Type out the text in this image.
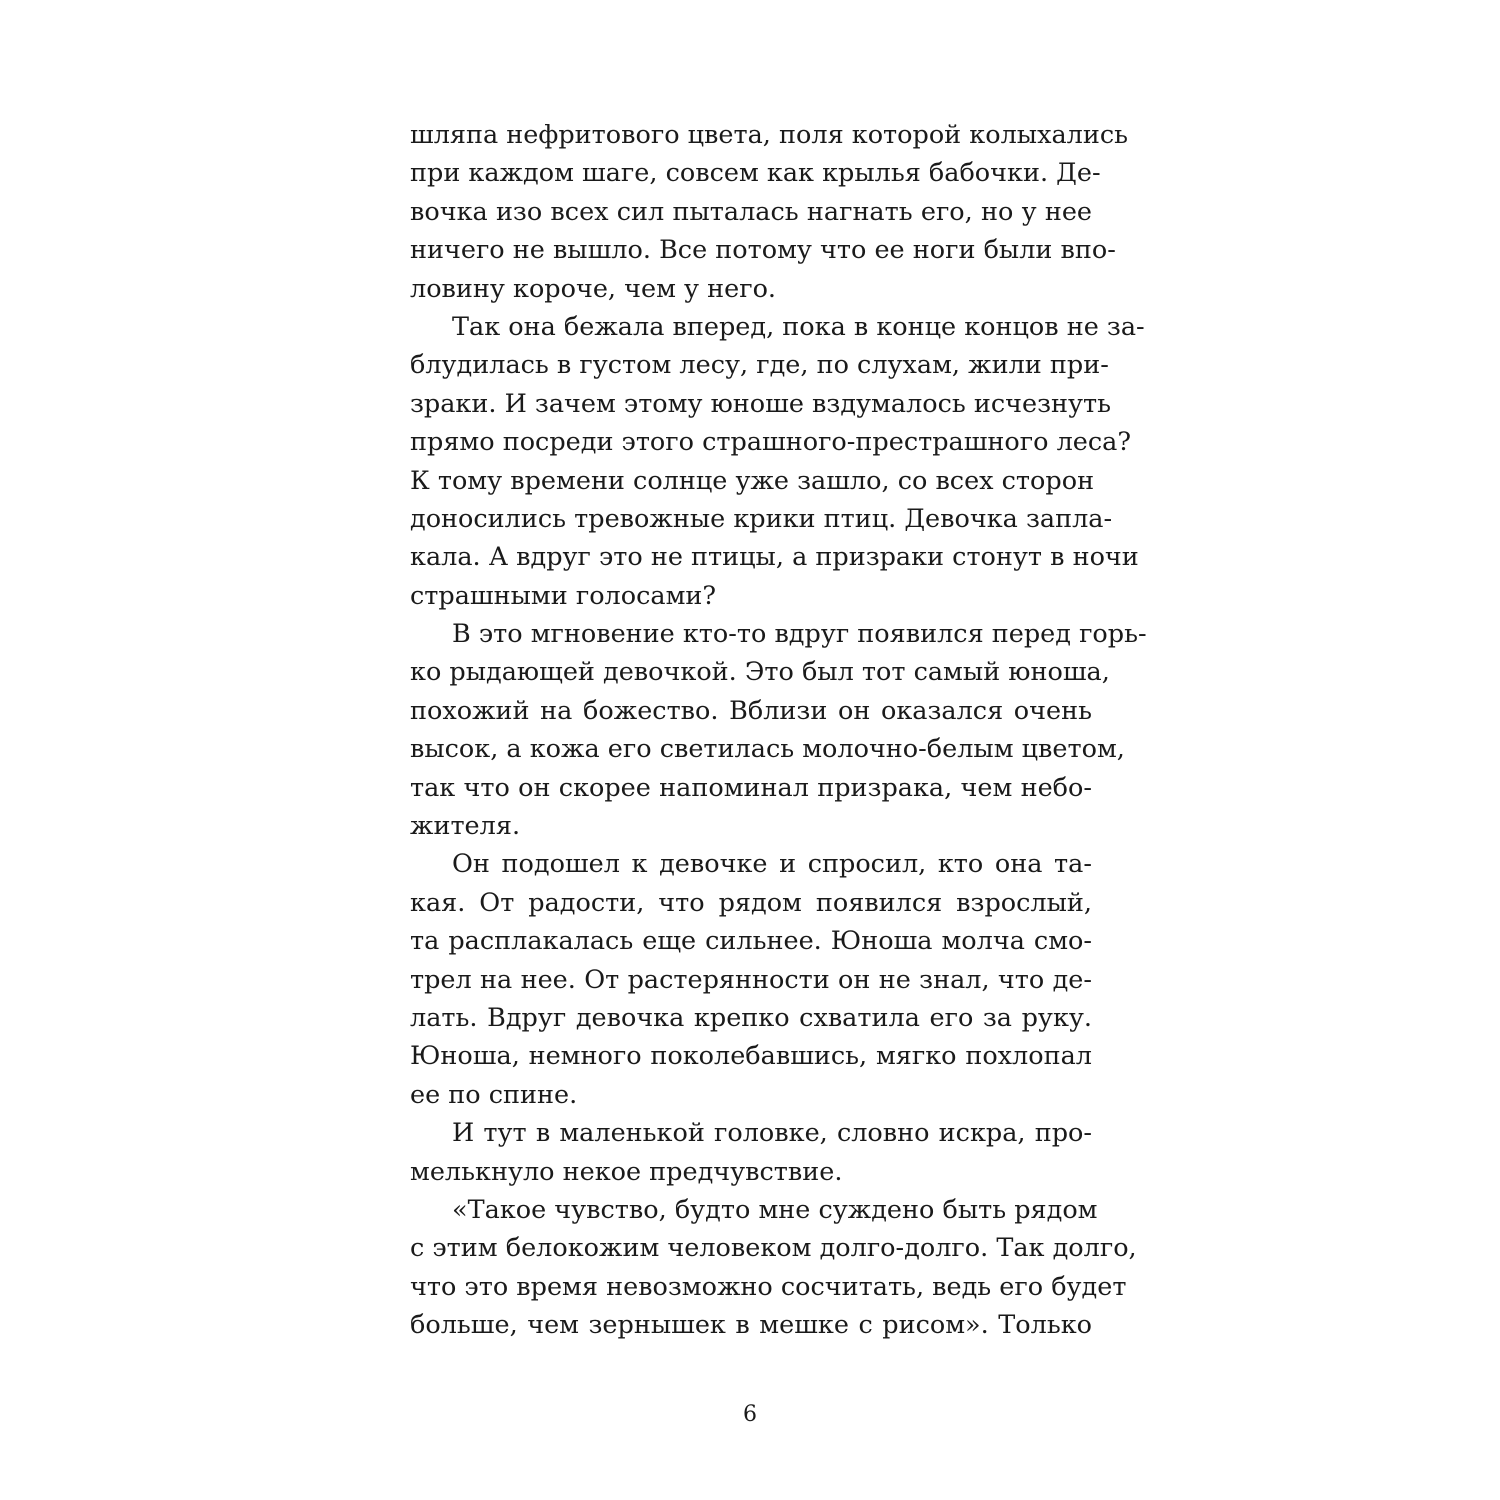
шляпа нефритового цвета, поля которой колыхались
при каждом шаге, совсем как крылья бабочки. Де-
вочка изо всех сил пыталась нагнать его, но у нее
ничего не вышло. Все потому что ее ноги были впо-
ловину короче, чем у него.
Так она бежала вперед, пока в конце концов не за-
блудилась в густом лесу, где, по слухам, жили при-
зраки. И зачем этому юноше вздумалось исчезнуть
прямо посреди этого страшного-престрашного леса?
К тому времени солнце уже зашло, со всех сторон
доносились тревожные крики птиц. Девочка запла-
кала. А вдруг это не птицы, а призраки стонут в ночи
страшными голосами?
В это мгновение кто-то вдруг появился перед горь-
ко рыдающей девочкой. Это был тот самый юноша,
похожий на божество. Вблизи он оказался очень
высок, а кожа его светилась молочно-белым цветом,
так что он скорее напоминал призрака, чем небо-
жителя.
Он подошел к девочке и спросил, кто она та-
кая. От радости, что рядом появился взрослый,
та расплакалась еще сильнее. Юноша молча смо-
трел на нее. От растерянности он не знал, что де-
лать. Вдруг девочка крепко схватила его за руку.
Юноша, немного поколебавшись, мягко похлопал
ее по спине.
И тут в маленькой головке, словно искра, про-
мелькнуло некое предчувствие.
«Такое чувство, будто мне суждено быть рядом
с этим белокожим человеком долго-долго. Так долго,
что это время невозможно сосчитать, ведь его будет
больше, чем зернышек в мешке с рисом». Только
6
